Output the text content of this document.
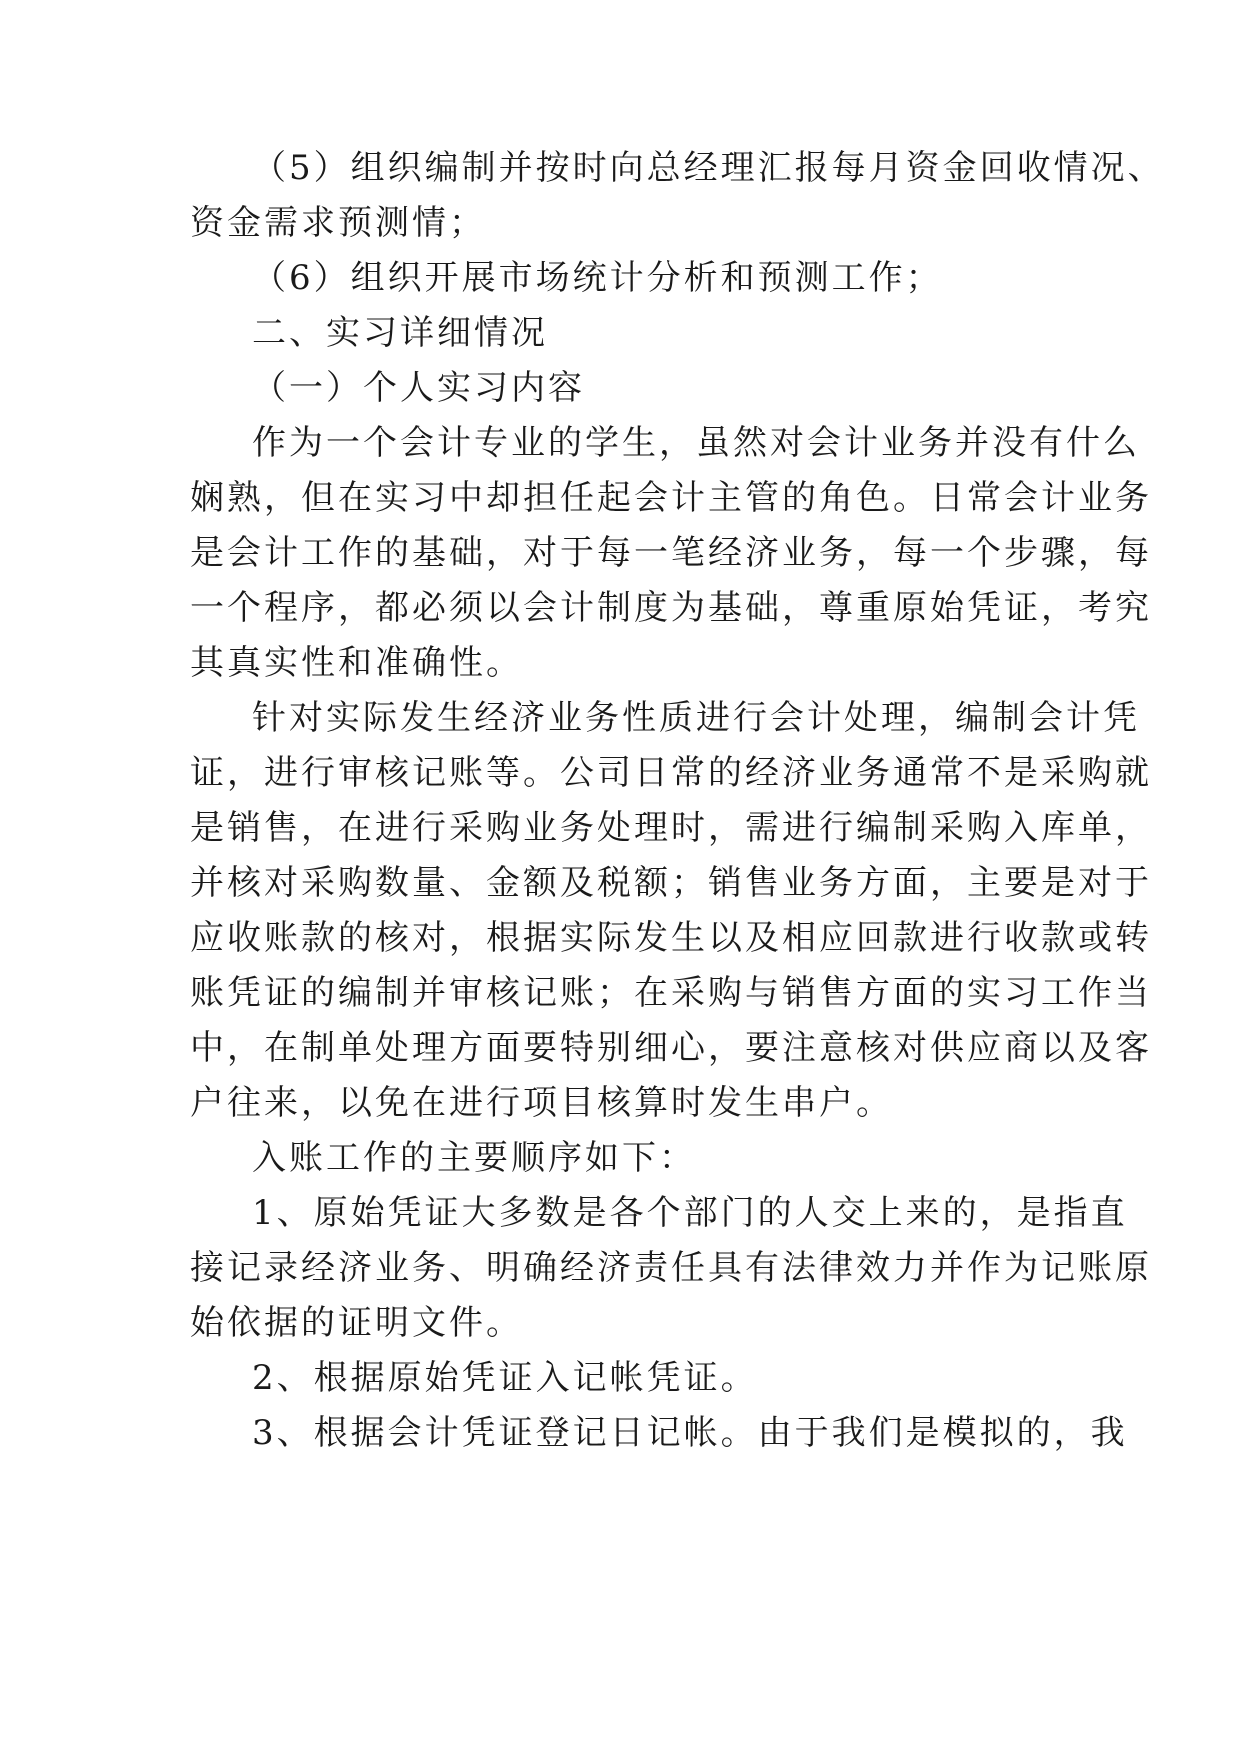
（5）组织编制并按时向总经理汇报每月资金回收情况、
资金需求预测情；
（6）组织开展市场统计分析和预测工作；
二、实习详细情况
（一）个人实习内容
作为一个会计专业的学生，虽然对会计业务并没有什么
娴熟，但在实习中却担任起会计主管的角色。日常会计业务
是会计工作的基础，对于每一笔经济业务，每一个步骤，每
一个程序，都必须以会计制度为基础，尊重原始凭证，考究
其真实性和准确性。
针对实际发生经济业务性质进行会计处理，编制会计凭
证，进行审核记账等。公司日常的经济业务通常不是采购就
是销售，在进行采购业务处理时，需进行编制采购入库单，
并核对采购数量、金额及税额；销售业务方面，主要是对于
应收账款的核对，根据实际发生以及相应回款进行收款或转
账凭证的编制并审核记账；在采购与销售方面的实习工作当
中，在制单处理方面要特别细心，要注意核对供应商以及客
户往来，以免在进行项目核算时发生串户。
入账工作的主要顺序如下：
1、原始凭证大多数是各个部门的人交上来的，是指直
接记录经济业务、明确经济责任具有法律效力并作为记账原
始依据的证明文件。
2、根据原始凭证入记帐凭证。
3、根据会计凭证登记日记帐。由于我们是模拟的，我
